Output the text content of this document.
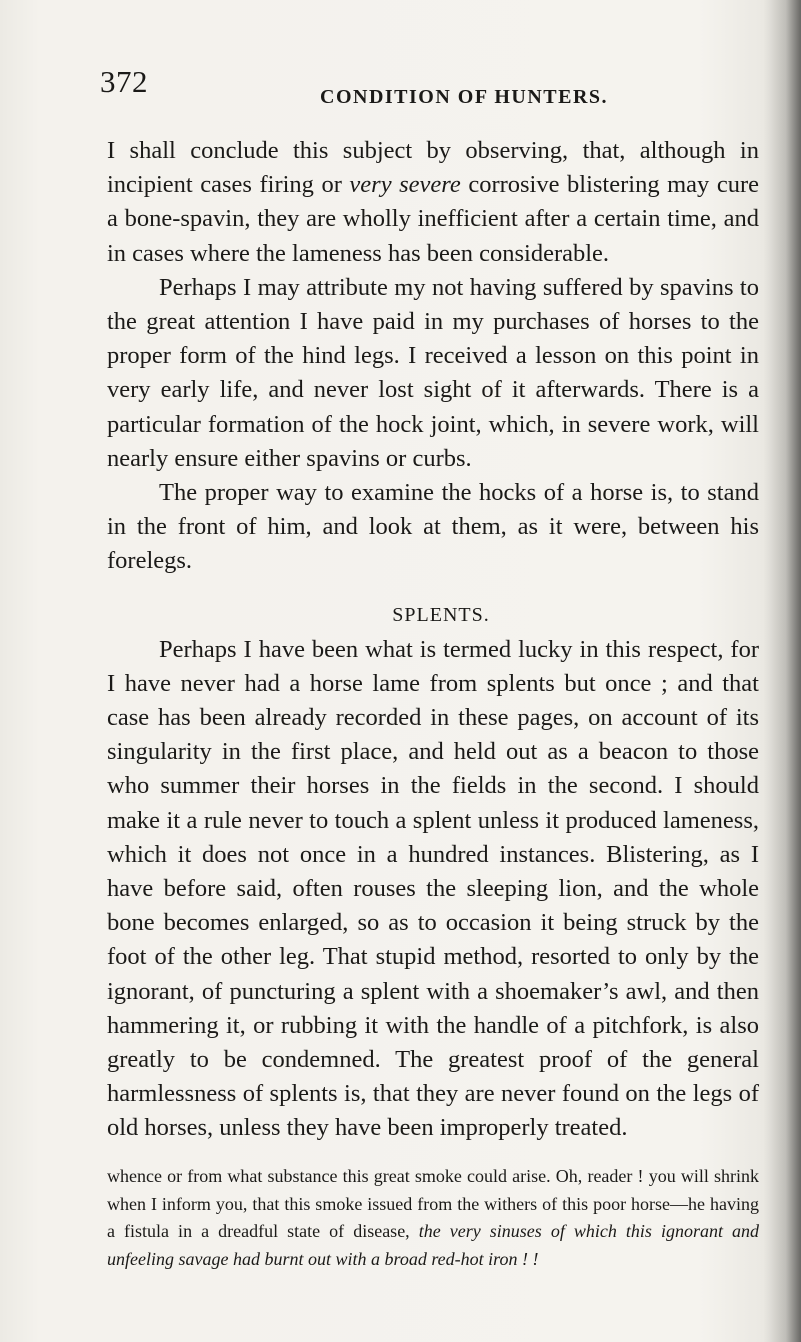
372	CONDITION OF HUNTERS.

I shall conclude this subject by observing, that, although in incipient cases firing or very severe corrosive blistering may cure a bone-spavin, they are wholly inefficient after a certain time, and in cases where the lameness has been considerable.

Perhaps I may attribute my not having suffered by spavins to the great attention I have paid in my purchases of horses to the proper form of the hind legs. I received a lesson on this point in very early life, and never lost sight of it afterwards. There is a particular formation of the hock joint, which, in severe work, will nearly ensure either spavins or curbs.

The proper way to examine the hocks of a horse is, to stand in the front of him, and look at them, as it were, between his forelegs.

SPLENTS.

Perhaps I have been what is termed lucky in this respect, for I have never had a horse lame from splents but once ; and that case has been already recorded in these pages, on account of its singularity in the first place, and held out as a beacon to those who summer their horses in the fields in the second. I should make it a rule never to touch a splent unless it produced lameness, which it does not once in a hundred instances. Blistering, as I have before said, often rouses the sleeping lion, and the whole bone becomes enlarged, so as to occasion it being struck by the foot of the other leg. That stupid method, resorted to only by the ignorant, of puncturing a splent with a shoemaker’s awl, and then hammering it, or rubbing it with the handle of a pitchfork, is also greatly to be condemned. The greatest proof of the general harmlessness of splents is, that they are never found on the legs of old horses, unless they have been improperly treated.

whence or from what substance this great smoke could arise. Oh, reader ! you will shrink when I inform you, that this smoke issued from the withers of this poor horse—he having a fistula in a dreadful state of disease, the very sinuses of which this ignorant and unfeeling savage had burnt out with a broad red-hot iron ! !
